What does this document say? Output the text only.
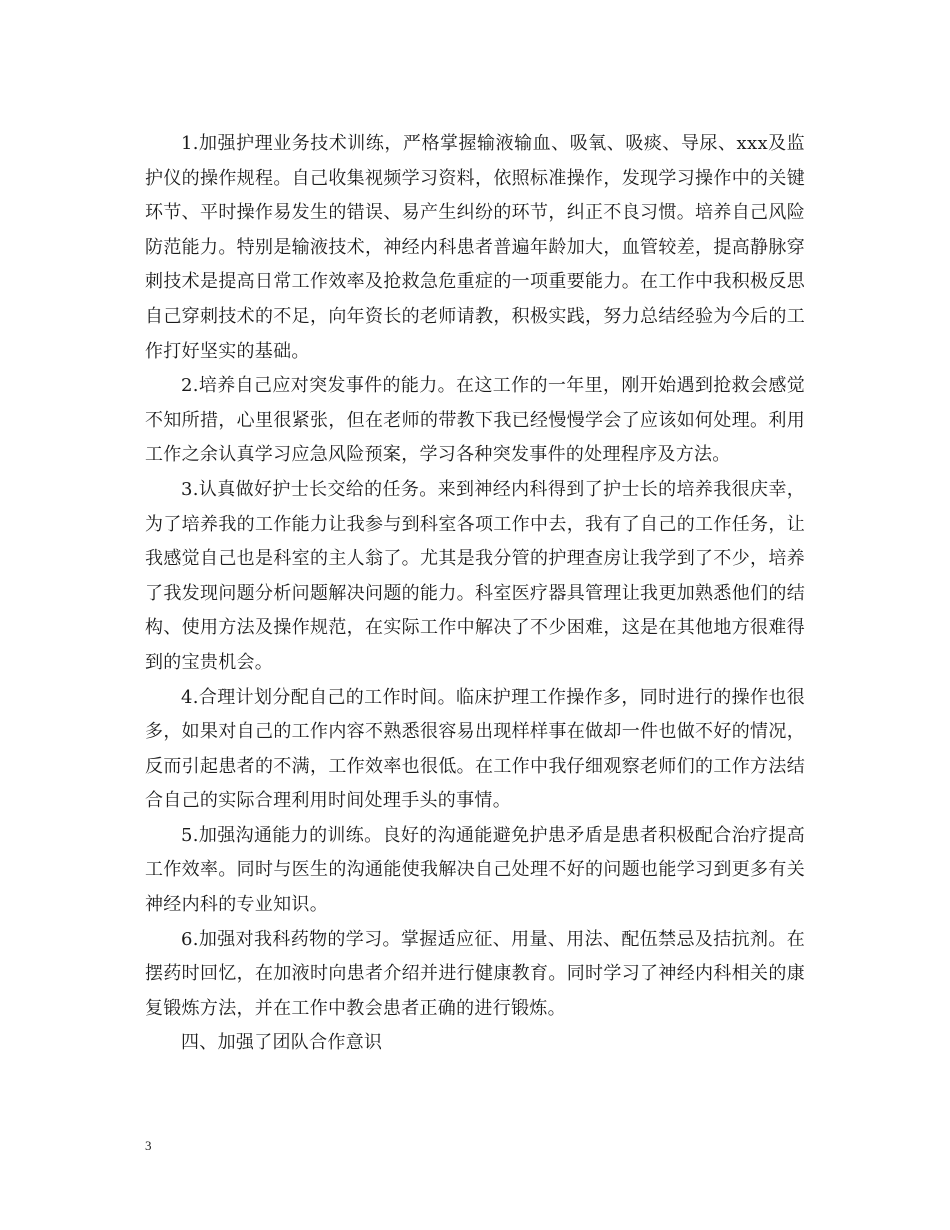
1.加强护理业务技术训练，严格掌握输液输血、吸氧、吸痰、导尿、xxx及监护仪的操作规程。自己收集视频学习资料，依照标准操作，发现学习操作中的关键环节、平时操作易发生的错误、易产生纠纷的环节，纠正不良习惯。培养自己风险防范能力。特别是输液技术，神经内科患者普遍年龄加大，血管较差，提高静脉穿刺技术是提高日常工作效率及抢救急危重症的一项重要能力。在工作中我积极反思自己穿刺技术的不足，向年资长的老师请教，积极实践，努力总结经验为今后的工作打好坚实的基础。

2.培养自己应对突发事件的能力。在这工作的一年里，刚开始遇到抢救会感觉不知所措，心里很紧张，但在老师的带教下我已经慢慢学会了应该如何处理。利用工作之余认真学习应急风险预案，学习各种突发事件的处理程序及方法。

3.认真做好护士长交给的任务。来到神经内科得到了护士长的培养我很庆幸，为了培养我的工作能力让我参与到科室各项工作中去，我有了自己的工作任务，让我感觉自己也是科室的主人翁了。尤其是我分管的护理查房让我学到了不少，培养了我发现问题分析问题解决问题的能力。科室医疗器具管理让我更加熟悉他们的结构、使用方法及操作规范，在实际工作中解决了不少困难，这是在其他地方很难得到的宝贵机会。

4.合理计划分配自己的工作时间。临床护理工作操作多，同时进行的操作也很多，如果对自己的工作内容不熟悉很容易出现样样事在做却一件也做不好的情况，反而引起患者的不满，工作效率也很低。在工作中我仔细观察老师们的工作方法结合自己的实际合理利用时间处理手头的事情。

5.加强沟通能力的训练。良好的沟通能避免护患矛盾是患者积极配合治疗提高工作效率。同时与医生的沟通能使我解决自己处理不好的问题也能学习到更多有关神经内科的专业知识。

6.加强对我科药物的学习。掌握适应征、用量、用法、配伍禁忌及拮抗剂。在摆药时回忆，在加液时向患者介绍并进行健康教育。同时学习了神经内科相关的康复锻炼方法，并在工作中教会患者正确的进行锻炼。

四、加强了团队合作意识

3
